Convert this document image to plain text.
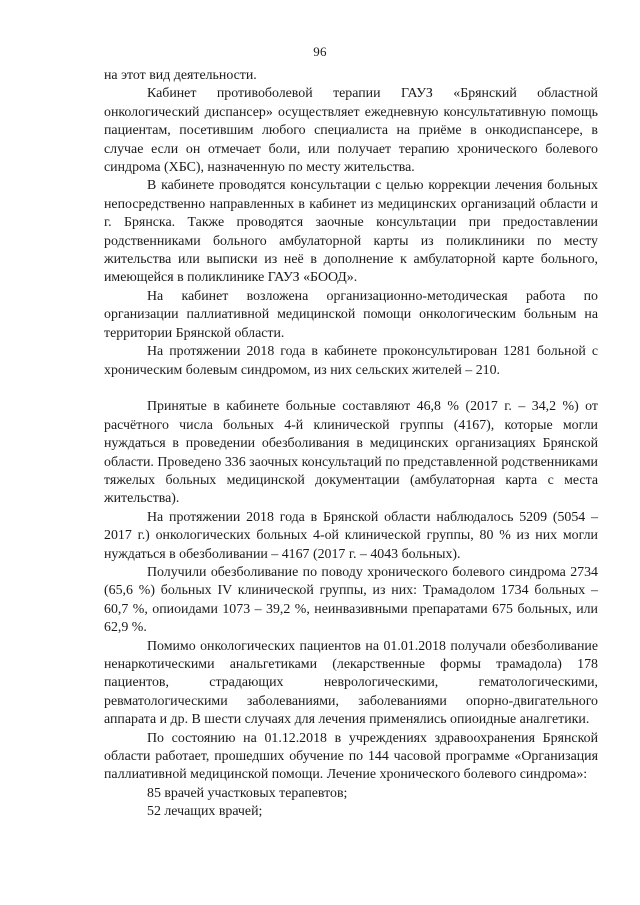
96

на этот вид деятельности.

Кабинет противоболевой терапии ГАУЗ «Брянский областной онкологический диспансер» осуществляет ежедневную консультативную помощь пациентам, посетившим любого специалиста на приёме в онкодиспансере, в случае если он отмечает боли, или получает терапию хронического болевого синдрома (ХБС), назначенную по месту жительства.

В кабинете проводятся консультации с целью коррекции лечения больных непосредственно направленных в кабинет из медицинских организаций области и г. Брянска. Также проводятся заочные консультации при предоставлении родственниками больного амбулаторной карты из поликлиники по месту жительства или выписки из неё в дополнение к амбулаторной карте больного, имеющейся в поликлинике ГАУЗ «БООД».

На кабинет возложена организационно-методическая работа по организации паллиативной медицинской помощи онкологическим больным на территории Брянской области.

На протяжении 2018 года в кабинете проконсультирован 1281 больной с хроническим болевым синдромом, из них сельских жителей – 210.

Принятые в кабинете больные составляют 46,8 % (2017 г. – 34,2 %) от расчётного числа больных 4-й клинической группы (4167), которые могли нуждаться в проведении обезболивания в медицинских организациях Брянской области. Проведено 336 заочных консультаций по представленной родственниками тяжелых больных медицинской документации (амбулаторная карта с места жительства).

На протяжении 2018 года в Брянской области наблюдалось 5209 (5054 – 2017 г.) онкологических больных 4-ой клинической группы, 80 % из них могли нуждаться в обезболивании – 4167 (2017 г. – 4043 больных).

Получили обезболивание по поводу хронического болевого синдрома 2734 (65,6 %) больных IV клинической группы, из них: Трамадолом 1734 больных – 60,7 %, опиоидами 1073 – 39,2 %, неинвазивными препаратами 675 больных, или 62,9 %.

Помимо онкологических пациентов на 01.01.2018 получали обезболивание ненаркотическими анальгетиками (лекарственные формы трамадола) 178 пациентов, страдающих неврологическими, гематологическими, ревматологическими заболеваниями, заболеваниями опорно-двигательного аппарата и др. В шести случаях для лечения применялись опиоидные аналгетики.

По состоянию на 01.12.2018 в учреждениях здравоохранения Брянской области работает, прошедших обучение по 144 часовой программе «Организация паллиативной медицинской помощи. Лечение хронического болевого синдрома»:

85 врачей участковых терапевтов;

52 лечащих врачей;
